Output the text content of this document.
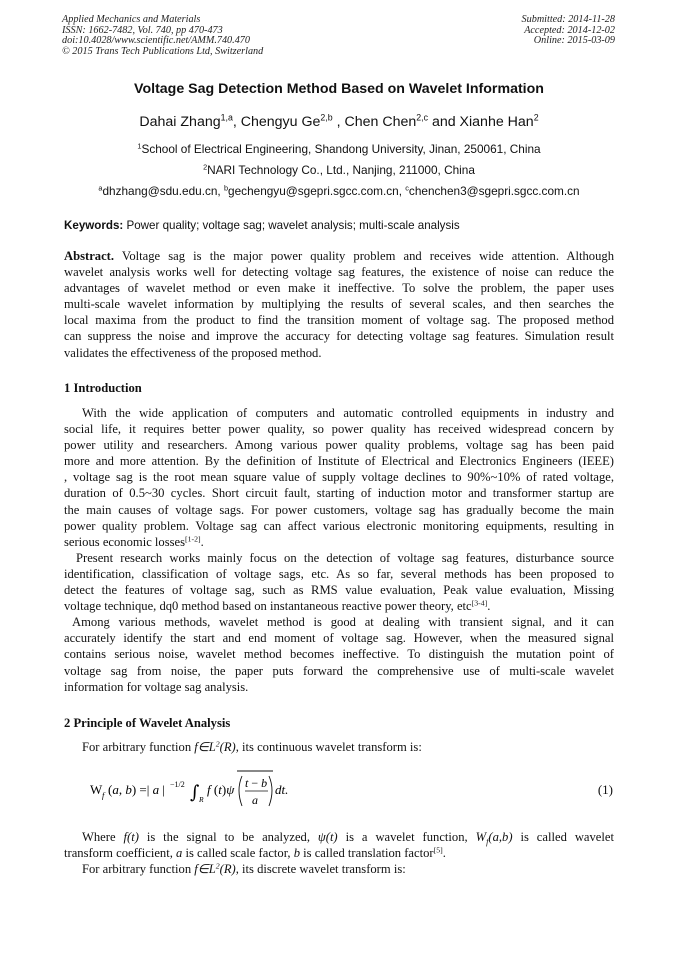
Applied Mechanics and Materials
ISSN: 1662-7482, Vol. 740, pp 470-473
doi:10.4028/www.scientific.net/AMM.740.470
© 2015 Trans Tech Publications Ltd, Switzerland
Submitted: 2014-11-28
Accepted: 2014-12-02
Online: 2015-03-09
Voltage Sag Detection Method Based on Wavelet Information
Dahai Zhang$^{1,a}$, Chengyu Ge$^{2,b}$ , Chen Chen$^{2,c}$ and Xianhe Han$^2$
$^1$School of Electrical Engineering, Shandong University, Jinan, 250061, China
$^2$NARI Technology Co., Ltd., Nanjing, 211000, China
$^a$dhzhang@sdu.edu.cn, $^b$gechengyu@sgepri.sgcc.com.cn, $^c$chenchen3@sgepri.sgcc.com.cn
Keywords: Power quality; voltage sag; wavelet analysis; multi-scale analysis
Abstract. Voltage sag is the major power quality problem and receives wide attention. Although
wavelet analysis works well for detecting voltage sag features, the existence of noise can reduce the
advantages of wavelet method or even make it ineffective. To solve the problem, the paper uses
multi-scale wavelet information by multiplying the results of several scales, and then searches the
local maxima from the product to find the transition moment of voltage sag. The proposed method
can suppress the noise and improve the accuracy for detecting voltage sag features. Simulation result
validates the effectiveness of the proposed method.
1 Introduction
With the wide application of computers and automatic controlled equipments in industry and
social life, it requires better power quality, so power quality has received widespread concern by
power utility and researchers. Among various power quality problems, voltage sag has been paid
more and more attention. By the definition of Institute of Electrical and Electronics Engineers (IEEE)
, voltage sag is the root mean square value of supply voltage declines to 90%~10% of rated voltage,
duration of 0.5~30 cycles. Short circuit fault, starting of induction motor and transformer startup are
the main causes of voltage sags. For power customers, voltage sag has gradually become the main
power quality problem. Voltage sag can affect various electronic monitoring equipments, resulting in
serious economic losses[1-2].
Present research works mainly focus on the detection of voltage sag features, disturbance source
identification, classification of voltage sags, etc. As so far, several methods has been proposed to
detect the features of voltage sag, such as RMS value evaluation, Peak value evaluation, Missing
voltage technique, dq0 method based on instantaneous reactive power theory, etc[3-4].
Among various methods, wavelet method is good at dealing with transient signal, and it can
accurately identify the start and end moment of voltage sag. However, when the measured signal
contains serious noise, wavelet method becomes ineffective. To distinguish the mutation point of
voltage sag from noise, the paper puts forward the comprehensive use of multi-scale wavelet
information for voltage sag analysis.
2 Principle of Wavelet Analysis
For arbitrary function $f\in L^2(R)$, its continuous wavelet transform is:
W f (a, b) =| a | −1/2 ∫ R
f (t)ψ t − b
a
dt.	(1)
Where f(t) is the signal to be analyzed, ψ(t) is a wavelet function, $W_f(a,b)$ is called wavelet
transform coefficient, a is called scale factor, b is called translation factor[5].
For arbitrary function $f\in L^2(R)$, its discrete wavelet transform is:
